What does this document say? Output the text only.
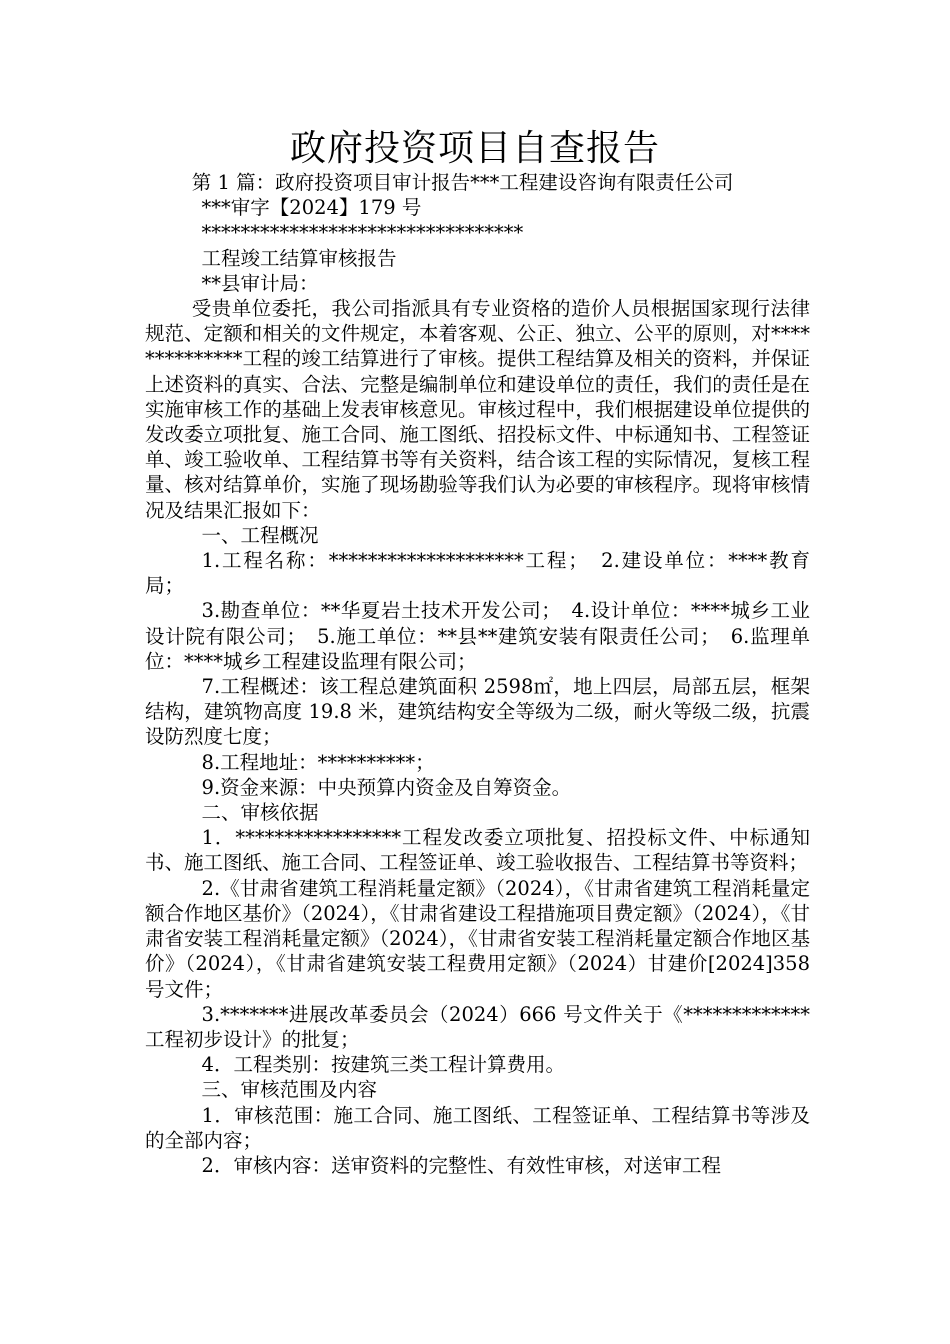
政府投资项目自查报告

第 1 篇：政府投资项目审计报告***工程建设咨询有限责任公司

***审字【2024】179 号

*********************************

工程竣工结算审核报告

**县审计局：

受贵单位委托，我公司指派具有专业资格的造价人员根据国家现行法律规范、定额和相关的文件规定，本着客观、公正、独立、公平的原则，对**************工程的竣工结算进行了审核。提供工程结算及相关的资料，并保证上述资料的真实、合法、完整是编制单位和建设单位的责任，我们的责任是在实施审核工作的基础上发表审核意见。审核过程中，我们根据建设单位提供的发改委立项批复、施工合同、施工图纸、招投标文件、中标通知书、工程签证单、竣工验收单、工程结算书等有关资料，结合该工程的实际情况，复核工程量、核对结算单价，实施了现场勘验等我们认为必要的审核程序。现将审核情况及结果汇报如下：

一、工程概况

1.工程名称：********************工程；　2.建设单位：****教育局；

3.勘查单位：**华夏岩土技术开发公司；　4.设计单位：****城乡工业设计院有限公司；　5.施工单位：**县**建筑安装有限责任公司；　6.监理单位：****城乡工程建设监理有限公司；

7.工程概述：该工程总建筑面积 2598㎡，地上四层，局部五层，框架结构，建筑物高度 19.8 米，建筑结构安全等级为二级，耐火等级二级，抗震设防烈度七度；

8.工程地址：**********；

9.资金来源：中央预算内资金及自筹资金。

二、审核依据

1．*****************工程发改委立项批复、招投标文件、中标通知书、施工图纸、施工合同、工程签证单、竣工验收报告、工程结算书等资料；

2.《甘肃省建筑工程消耗量定额》（2024），《甘肃省建筑工程消耗量定额合作地区基价》（2024），《甘肃省建设工程措施项目费定额》（2024），《甘肃省安装工程消耗量定额》（2024），《甘肃省安装工程消耗量定额合作地区基价》（2024），《甘肃省建筑安装工程费用定额》（2024）甘建价[2024]358 号文件；

3.*******进展改革委员会（2024）666 号文件关于《*************工程初步设计》的批复；

4．工程类别：按建筑三类工程计算费用。

三、审核范围及内容

1．审核范围：施工合同、施工图纸、工程签证单、工程结算书等涉及的全部内容；

2．审核内容：送审资料的完整性、有效性审核，对送审工程
